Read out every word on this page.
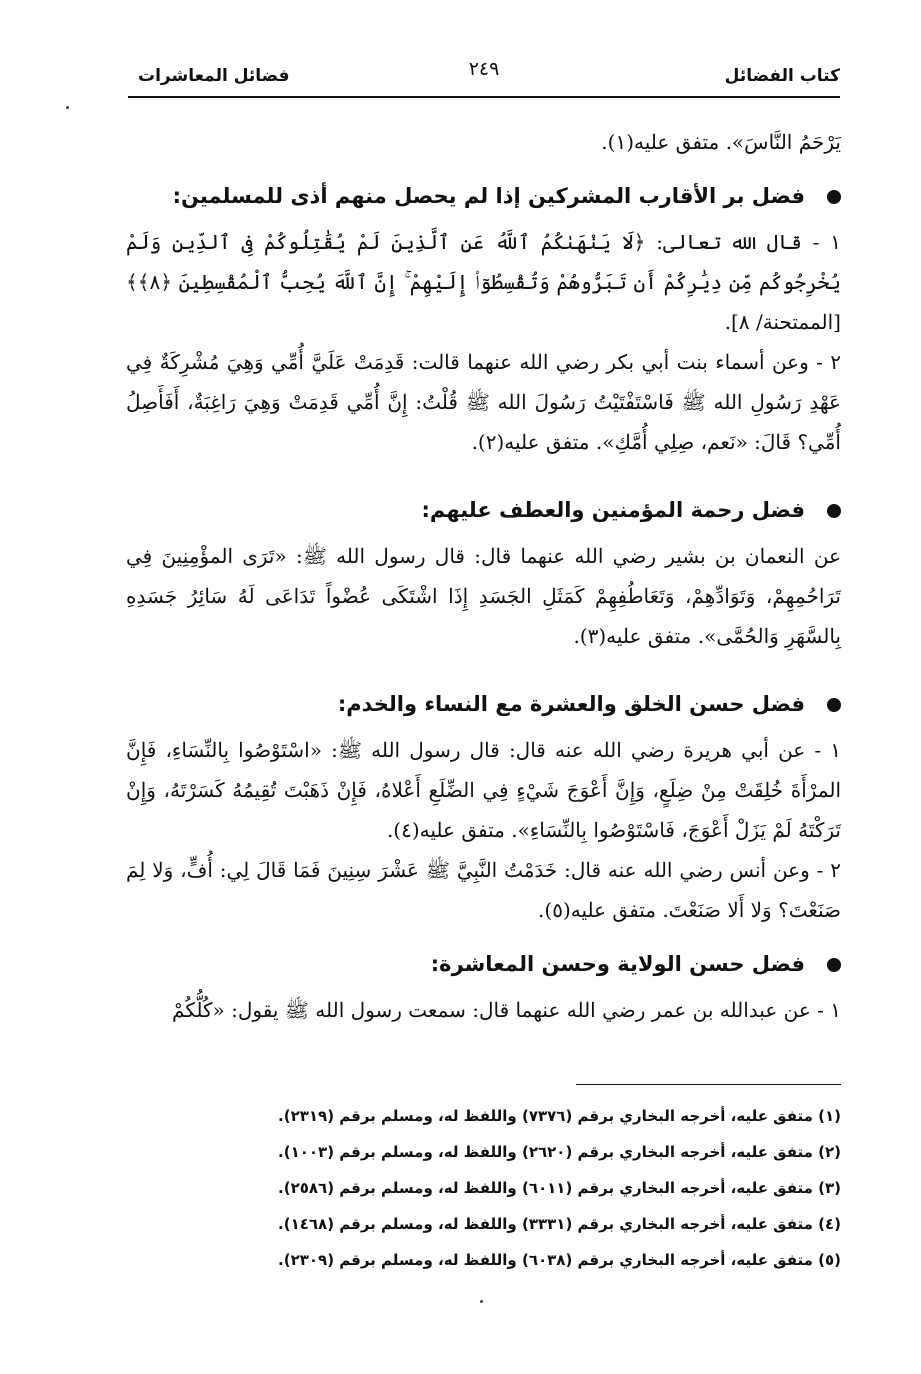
كتاب الفضائل
٢٤٩
فضائل المعاشرات

يَرْحَمُ النَّاسَ». متفق عليه(١).

فضل بر الأقارب المشركين إذا لم يحصل منهم أذى للمسلمين:

١ - قال الله تعالى: ﴿لَا يَنْهَىٰكُمُ ٱللَّهُ عَنِ ٱلَّذِينَ لَمْ يُقَٰتِلُوكُمْ فِى ٱلدِّينِ وَلَمْ يُخْرِجُوكُم مِّن دِيَٰرِكُمْ أَن تَبَرُّوهُمْ وَتُقْسِطُوٓا۟ إِلَيْهِمْ ۚ إِنَّ ٱللَّهَ يُحِبُّ ٱلْمُقْسِطِينَ ﴿٨﴾﴾ [الممتحنة/ ٨].

٢ - وعن أسماء بنت أبي بكر رضي الله عنهما قالت: قَدِمَتْ عَلَيَّ أُمِّي وَهِيَ مُشْرِكَةٌ فِي عَهْدِ رَسُولِ الله ﷺ فَاسْتَفْتَيْتُ رَسُولَ الله ﷺ قُلْتُ: إِنَّ أُمِّي قَدِمَتْ وَهِيَ رَاغِبَةٌ، أَفَأَصِلُ أُمِّي؟ قَالَ: «نَعم، صِلِي أُمَّكِ». متفق عليه(٢).

فضل رحمة المؤمنين والعطف عليهم:

عن النعمان بن بشير رضي الله عنهما قال: قال رسول الله ﷺ: «تَرَى المؤْمِنِينَ فِي تَرَاحُمِهِمْ، وَتَوَادِّهِمْ، وَتَعَاطُفِهِمْ كَمَثَلِ الجَسَدِ إِذَا اشْتَكَى عُضْواً تَدَاعَى لَهُ سَائِرُ جَسَدِهِ بِالسَّهَرِ وَالحُمَّى». متفق عليه(٣).

فضل حسن الخلق والعشرة مع النساء والخدم:

١ - عن أبي هريرة رضي الله عنه قال: قال رسول الله ﷺ: «اسْتَوْصُوا بِالنِّسَاءِ، فَإِنَّ المرْأَةَ خُلِقَتْ مِنْ ضِلَعٍ، وَإِنَّ أَعْوَجَ شَيْءٍ فِي الضِّلَعِ أَعْلاهُ، فَإِنْ ذَهَبْتَ تُقِيمُهُ كَسَرْتَهُ، وَإِنْ تَرَكْتَهُ لَمْ يَزَلْ أَعْوَجَ، فَاسْتَوْصُوا بِالنِّسَاءِ». متفق عليه(٤).

٢ - وعن أنس رضي الله عنه قال: خَدَمْتُ النَّبِيَّ ﷺ عَشْرَ سِنِينَ فَمَا قَالَ لِي: أُفٍّ، وَلا لِمَ صَنَعْتَ؟ وَلا أَلا صَنَعْتَ. متفق عليه(٥).

فضل حسن الولاية وحسن المعاشرة:

١ - عن عبدالله بن عمر رضي الله عنهما قال: سمعت رسول الله ﷺ يقول: «كُلُّكُمْ

(١) متفق عليه، أخرجه البخاري برقم (٧٣٧٦) واللفظ له، ومسلم برقم (٢٣١٩).

(٢) متفق عليه، أخرجه البخاري برقم (٢٦٢٠) واللفظ له، ومسلم برقم (١٠٠٣).

(٣) متفق عليه، أخرجه البخاري برقم (٦٠١١) واللفظ له، ومسلم برقم (٢٥٨٦).

(٤) متفق عليه، أخرجه البخاري برقم (٣٣٣١) واللفظ له، ومسلم برقم (١٤٦٨).

(٥) متفق عليه، أخرجه البخاري برقم (٦٠٣٨) واللفظ له، ومسلم برقم (٢٣٠٩).
